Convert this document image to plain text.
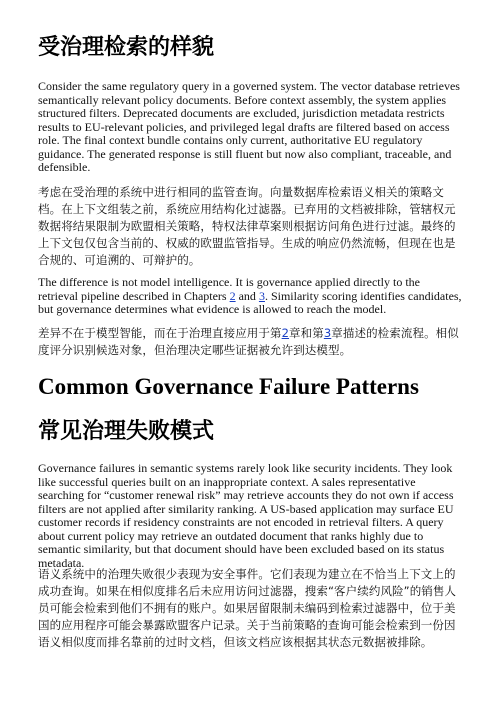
受治理检索的样貌

Consider the same regulatory query in a governed system. The vector database retrieves semantically relevant policy documents. Before context assembly, the system applies structured filters. Deprecated documents are excluded, jurisdiction metadata restricts results to EU-relevant policies, and privileged legal drafts are filtered based on access role. The final context bundle contains only current, authoritative EU regulatory guidance. The generated response is still fluent but now also compliant, traceable, and defensible.

考虑在受治理的系统中进行相同的监管查询。向量数据库检索语义相关的策略文档。在上下文组装之前，系统应用结构化过滤器。已弃用的文档被排除，管辖权元数据将结果限制为欧盟相关策略，特权法律草案则根据访问角色进行过滤。最终的上下文包仅包含当前的、权威的欧盟监管指导。生成的响应仍然流畅，但现在也是合规的、可追溯的、可辩护的。

The difference is not model intelligence. It is governance applied directly to the retrieval pipeline described in Chapters 2 and 3. Similarity scoring identifies candidates, but governance determines what evidence is allowed to reach the model.

差异不在于模型智能，而在于治理直接应用于第2章和第3章描述的检索流程。相似度评分识别候选对象，但治理决定哪些证据被允许到达模型。

Common Governance Failure Patterns
常见治理失败模式

Governance failures in semantic systems rarely look like security incidents. They look like successful queries built on an inappropriate context. A sales representative searching for “customer renewal risk” may retrieve accounts they do not own if access filters are not applied after similarity ranking. A US-based application may surface EU customer records if residency constraints are not encoded in retrieval filters. A query about current policy may retrieve an outdated document that ranks highly due to semantic similarity, but that document should have been excluded based on its status metadata.

语义系统中的治理失败很少表现为安全事件。它们表现为建立在不恰当上下文上的成功查询。如果在相似度排名后未应用访问过滤器，搜索“客户续约风险”的销售人员可能会检索到他们不拥有的账户。如果居留限制未编码到检索过滤器中，位于美国的应用程序可能会暴露欧盟客户记录。关于当前策略的查询可能会检索到一份因语义相似度而排名靠前的过时文档，但该文档应该根据其状态元数据被排除。
